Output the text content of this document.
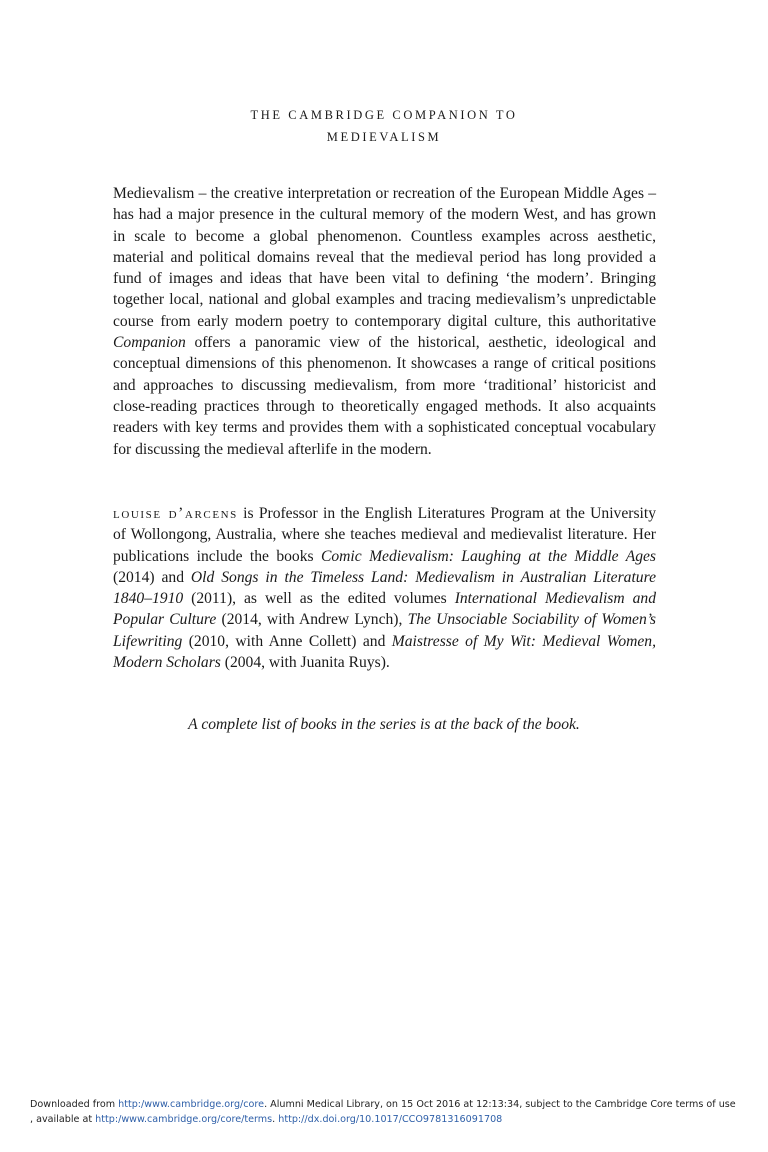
THE CAMBRIDGE COMPANION TO
MEDIEVALISM

Medievalism – the creative interpretation or recreation of the European Middle Ages – has had a major presence in the cultural memory of the modern West, and has grown in scale to become a global phenomenon. Countless examples across aesthetic, material and political domains reveal that the medieval period has long provided a fund of images and ideas that have been vital to defining ‘the modern’. Bringing together local, national and global examples and tracing medievalism’s unpredictable course from early modern poetry to contemporary digital culture, this authoritative Companion offers a panoramic view of the historical, aesthetic, ideological and conceptual dimensions of this phenomenon. It showcases a range of critical positions and approaches to discussing medievalism, from more ‘traditional’ historicist and close-reading practices through to theoretically engaged methods. It also acquaints readers with key terms and provides them with a sophisticated conceptual vocabulary for discussing the medieval afterlife in the modern.

louise d’arcens is Professor in the English Literatures Program at the University of Wollongong, Australia, where she teaches medieval and medievalist literature. Her publications include the books Comic Medievalism: Laughing at the Middle Ages (2014) and Old Songs in the Timeless Land: Medievalism in Australian Literature 1840–1910 (2011), as well as the edited volumes International Medievalism and Popular Culture (2014, with Andrew Lynch), The Unsociable Sociability of Women’s Lifewriting (2010, with Anne Collett) and Maistresse of My Wit: Medieval Women, Modern Scholars (2004, with Juanita Ruys).

A complete list of books in the series is at the back of the book.

Downloaded from http:/www.cambridge.org/core. Alumni Medical Library, on 15 Oct 2016 at 12:13:34, subject to the Cambridge Core terms of use
, available at http:/www.cambridge.org/core/terms. http://dx.doi.org/10.1017/CCO9781316091708
